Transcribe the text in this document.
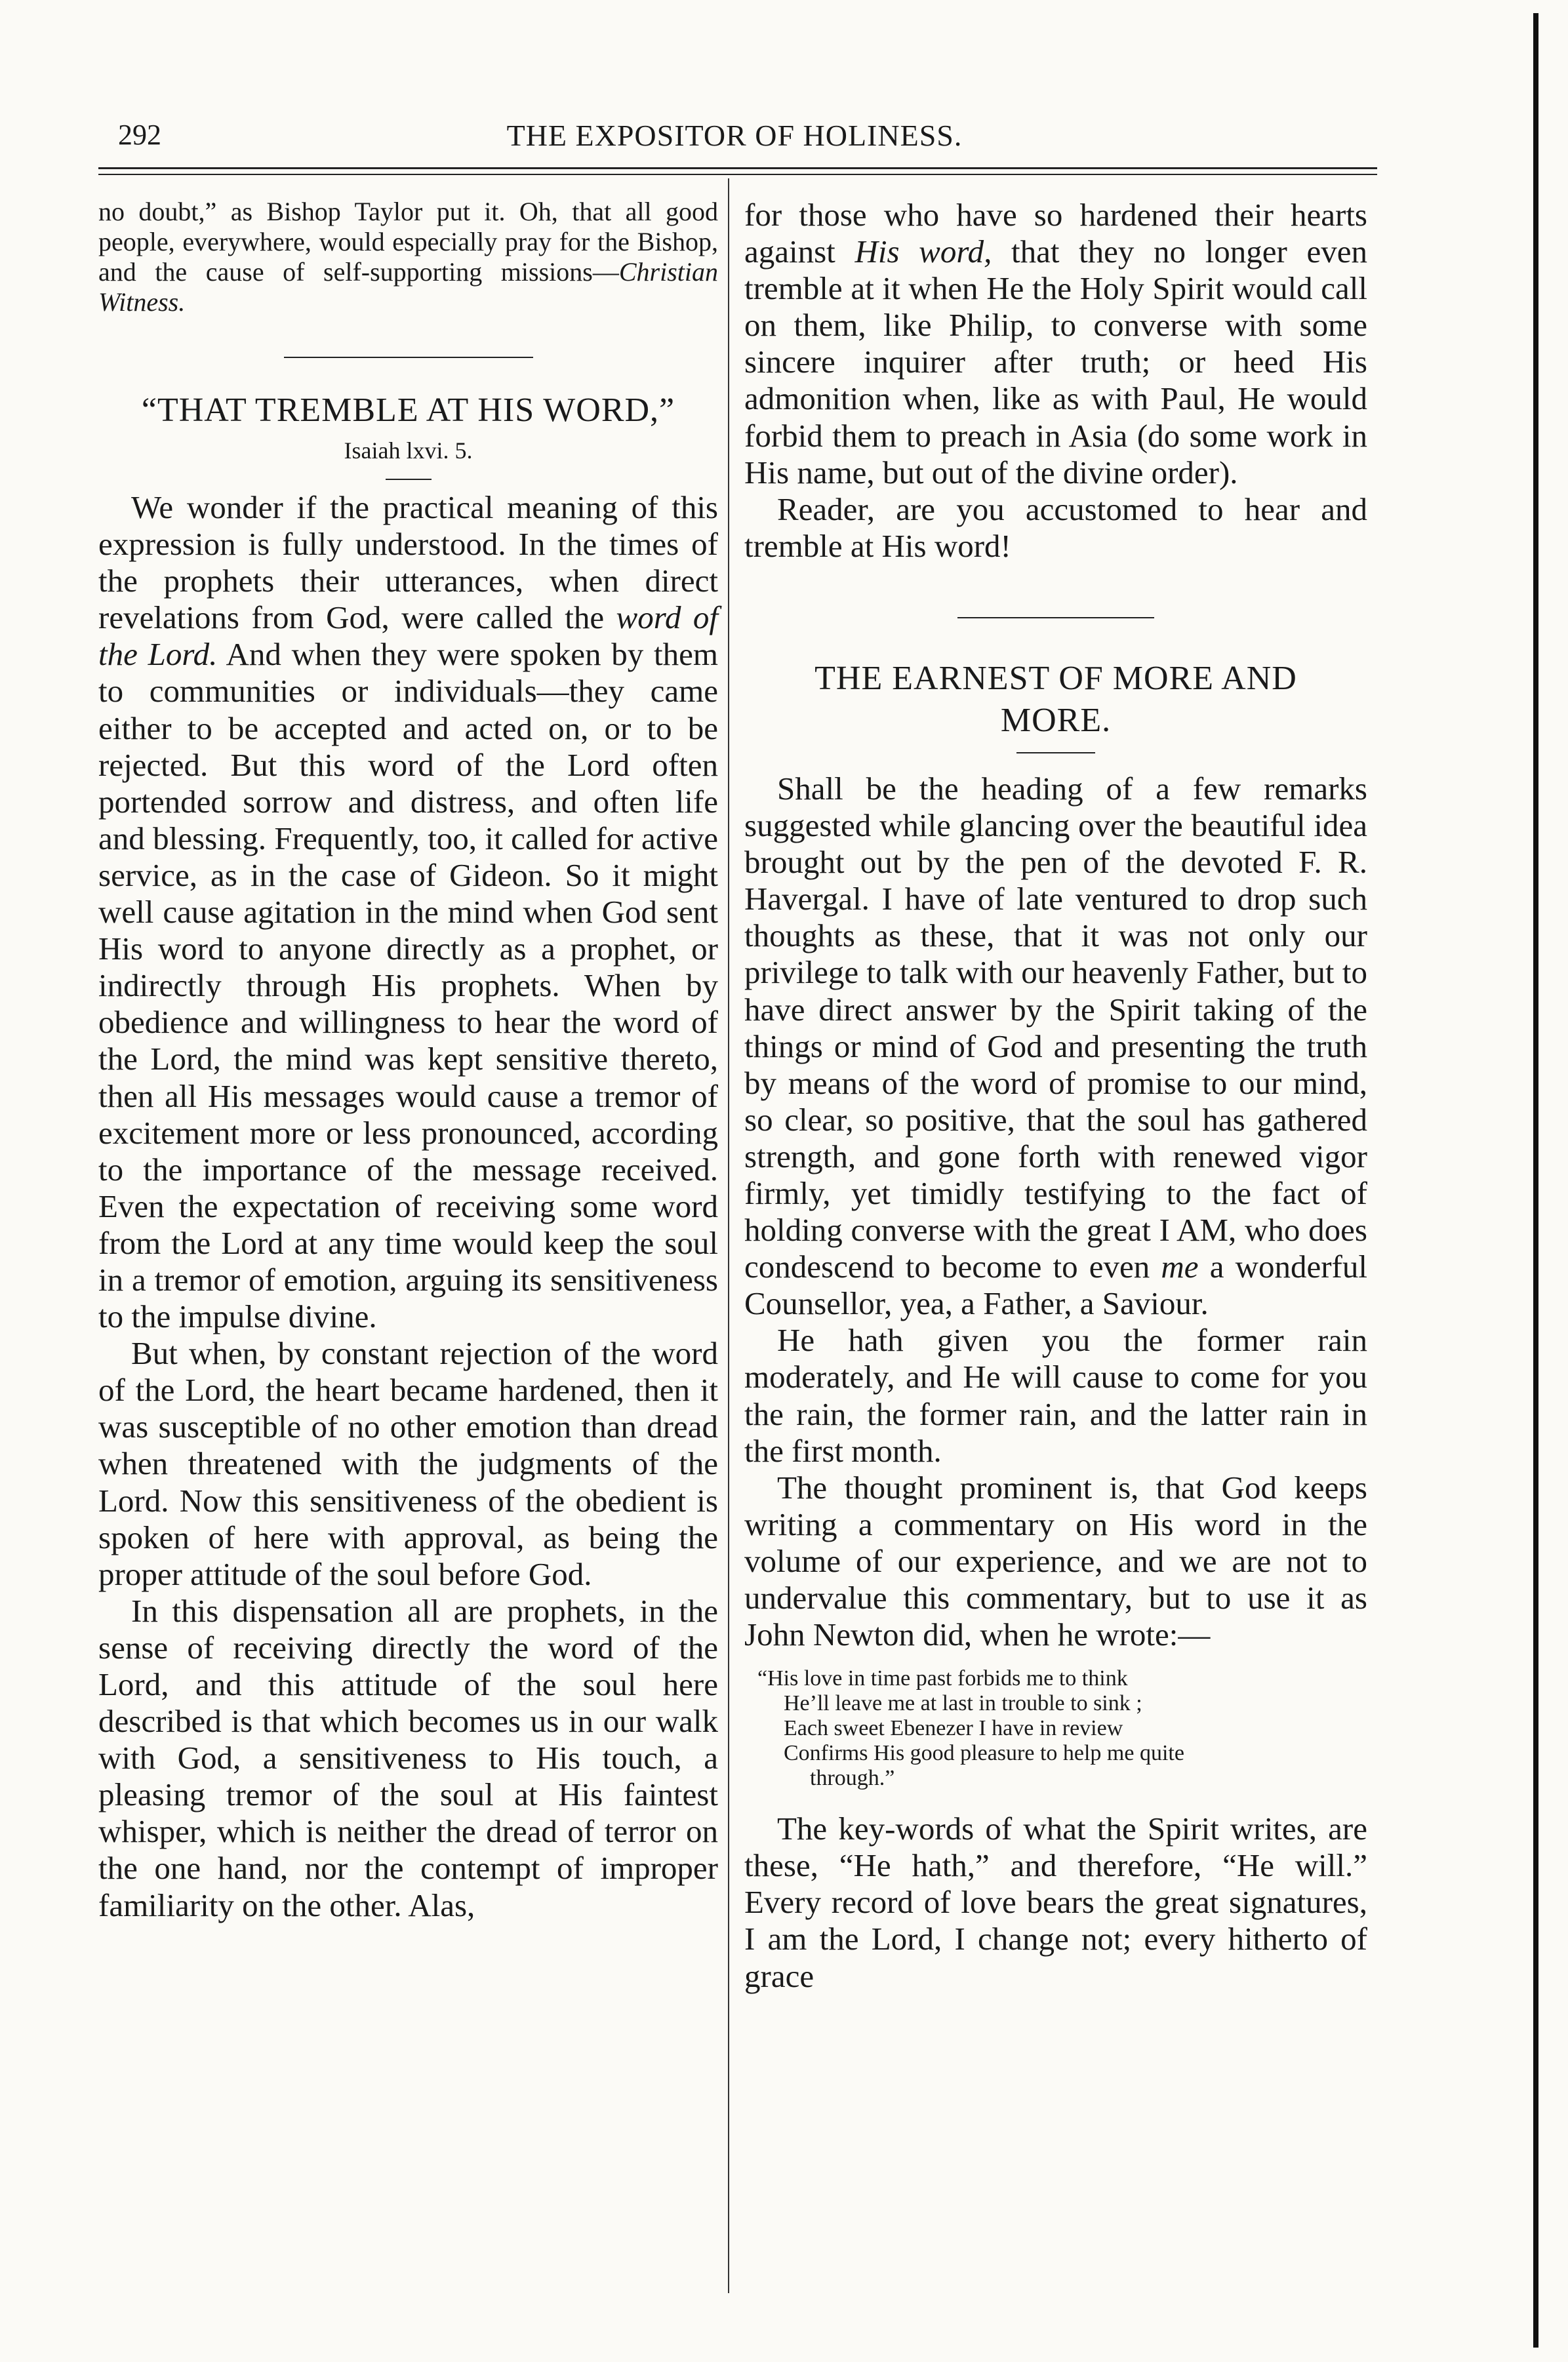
292	THE EXPOSITOR OF HOLINESS.

no doubt,” as Bishop Taylor put it. Oh, that all good people, everywhere, would especially pray for the Bishop, and the cause of self-supporting missions—Christian Witness.

“THAT TREMBLE AT HIS WORD,”
Isaiah lxvi. 5.

We wonder if the practical meaning of this expression is fully understood. In the times of the prophets their utterances, when direct revelations from God, were called the word of the Lord. And when they were spoken by them to communities or individuals—they came either to be accepted and acted on, or to be rejected. But this word of the Lord often portended sorrow and distress, and often life and blessing. Frequently, too, it called for active service, as in the case of Gideon. So it might well cause agitation in the mind when God sent His word to anyone directly as a prophet, or indirectly through His prophets. When by obedience and willingness to hear the word of the Lord, the mind was kept sensitive thereto, then all His messages would cause a tremor of excitement more or less pronounced, according to the importance of the message received. Even the expectation of receiving some word from the Lord at any time would keep the soul in a tremor of emotion, arguing its sensitiveness to the impulse divine.

But when, by constant rejection of the word of the Lord, the heart became hardened, then it was susceptible of no other emotion than dread when threatened with the judgments of the Lord. Now this sensitiveness of the obedient is spoken of here with approval, as being the proper attitude of the soul before God.

In this dispensation all are prophets, in the sense of receiving directly the word of the Lord, and this attitude of the soul here described is that which becomes us in our walk with God, a sensitiveness to His touch, a pleasing tremor of the soul at His faintest whisper, which is neither the dread of terror on the one hand, nor the contempt of improper familiarity on the other. Alas,

for those who have so hardened their hearts against His word, that they no longer even tremble at it when He the Holy Spirit would call on them, like Philip, to converse with some sincere inquirer after truth; or heed His admonition when, like as with Paul, He would forbid them to preach in Asia (do some work in His name, but out of the divine order).

Reader, are you accustomed to hear and tremble at His word!

THE EARNEST OF MORE AND MORE.

Shall be the heading of a few remarks suggested while glancing over the beautiful idea brought out by the pen of the devoted F. R. Havergal. I have of late ventured to drop such thoughts as these, that it was not only our privilege to talk with our heavenly Father, but to have direct answer by the Spirit taking of the things or mind of God and presenting the truth by means of the word of promise to our mind, so clear, so positive, that the soul has gathered strength, and gone forth with renewed vigor firmly, yet timidly testifying to the fact of holding converse with the great I AM, who does condescend to become to even me a wonderful Counsellor, yea, a Father, a Saviour.

He hath given you the former rain moderately, and He will cause to come for you the rain, the former rain, and the latter rain in the first month.

The thought prominent is, that God keeps writing a commentary on His word in the volume of our experience, and we are not to undervalue this commentary, but to use it as John Newton did, when he wrote:—

“His love in time past forbids me to think
He’ll leave me at last in trouble to sink ;
Each sweet Ebenezer I have in review
Confirms His good pleasure to help me quite
through.”

The key-words of what the Spirit writes, are these, “He hath,” and therefore, “He will.” Every record of love bears the great signatures, I am the Lord, I change not; every hitherto of grace
